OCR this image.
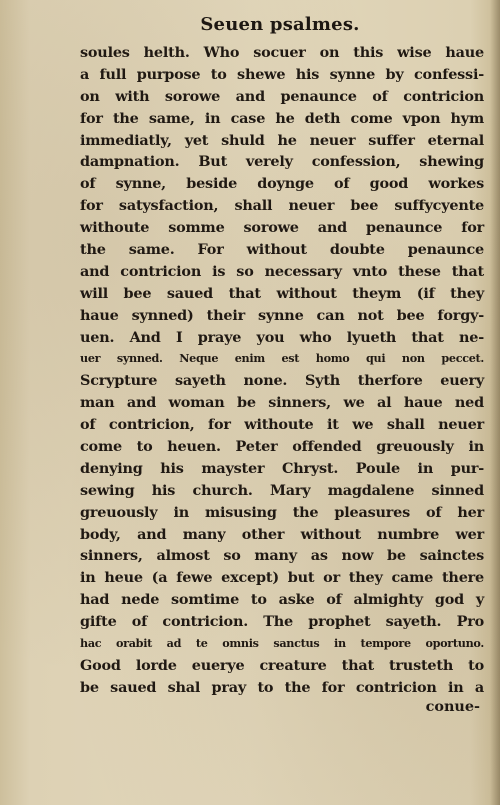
Seuen psalmes.
soules helth. Who socuer on this wise haue
a full purpose to shewe his synne by confessi-
on with sorowe and penaunce of contricion
for the same, in case he deth come vpon hym
immediatly, yet shuld he neuer suffer eternal
dampnation. But verely confession, shewing
of synne, beside doynge of good workes
for satysfaction, shall neuer bee suffycyente
withoute somme sorowe and penaunce for
the same. For without doubte penaunce
and contricion is so necessary vnto these that
will bee saued that without theym (if they
haue synned) their synne can not bee forgy-
uen. And I praye you who lyueth that ne-
uer synned. Neque enim est homo qui non peccet.
Scrypture sayeth none. Syth therfore euery
man and woman be sinners, we al haue ned
of contricion, for withoute it we shall neuer
come to heuen. Peter offended greuously in
denying his mayster Chryst. Poule in pur-
sewing his church. Mary magdalene sinned
greuously in misusing the pleasures of her
body, and many other without numbre wer
sinners, almost so many as now be sainctes
in heue (a fewe except) but or they came there
had nede somtime to aske of almighty god y
gifte of contricion. The prophet sayeth. Pro
hac orabit ad te omnis sanctus in tempore oportuno.
Good lorde euerye creature that trusteth to
be saued shal pray to the for contricion in a
conue-
